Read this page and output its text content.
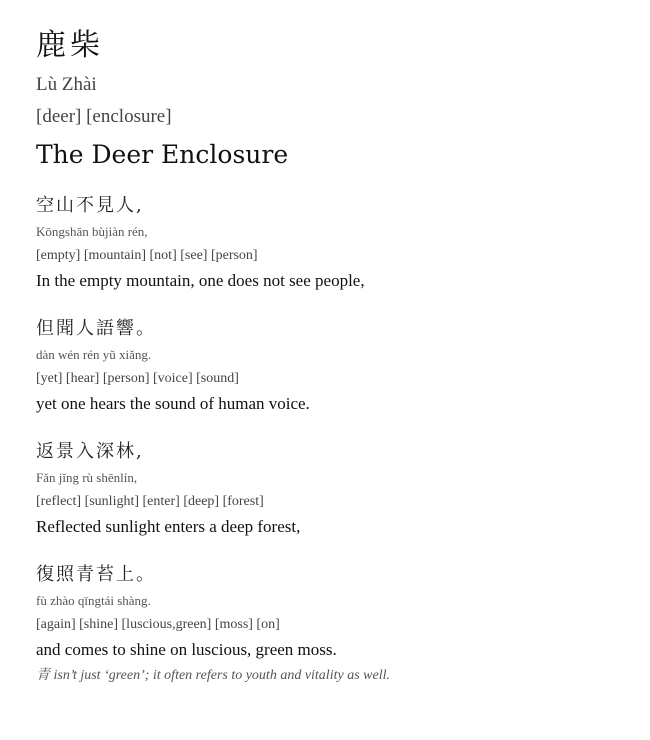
鹿柴
Lù Zhài
[deer] [enclosure]
The Deer Enclosure
空山不見人,
Kōngshān bùjiàn rén,
[empty] [mountain] [not] [see] [person]
In the empty mountain, one does not see people,
但聞人語響。
dàn wén rén yǔ xiǎng.
[yet] [hear] [person] [voice] [sound]
yet one hears the sound of human voice.
返景入深林,
Fǎn jǐng rù shēnlín,
[reflect] [sunlight] [enter] [deep] [forest]
Reflected sunlight enters a deep forest,
復照青苔上。
fù zhào qīngtái shàng.
[again] [shine] [luscious,green] [moss] [on]
and comes to shine on luscious, green moss.
青 isn’t just ‘green’; it often refers to youth and vitality as well.
